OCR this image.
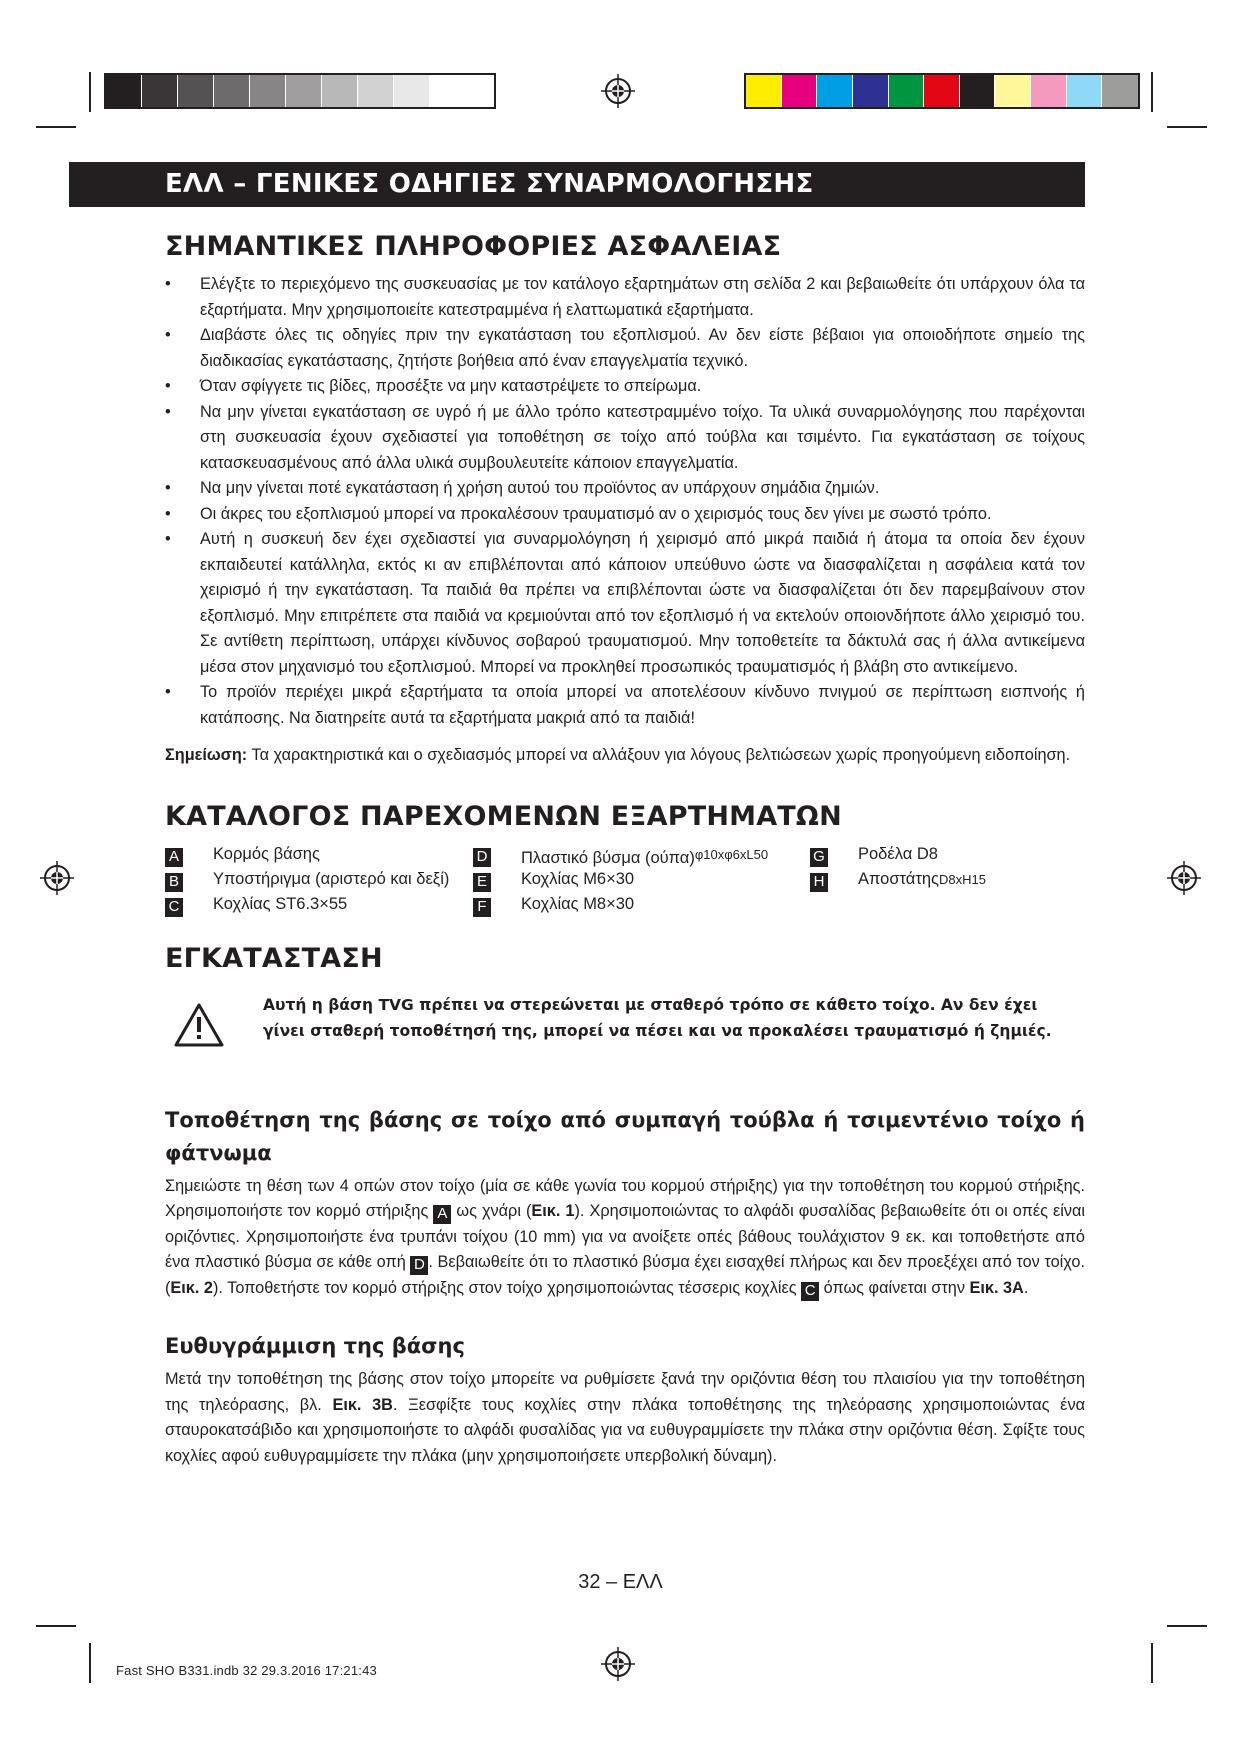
ΕΛΛ – ΓΕΝΙΚΕΣ ΟΔΗΓΙΕΣ ΣΥΝΑΡΜΟΛΟΓΗΣΗΣ
ΣΗΜΑΝΤΙΚΕΣ ΠΛΗΡΟΦΟΡΙΕΣ ΑΣΦΑΛΕΙΑΣ
• Ελέγξτε το περιεχόμενο της συσκευασίας με τον κατάλογο εξαρτημάτων στη σελίδα 2 και βεβαιωθείτε ότι υπάρχουν όλα τα εξαρτήματα. Μην χρησιμοποιείτε κατεστραμμένα ή ελαττωματικά εξαρτήματα.
• Διαβάστε όλες τις οδηγίες πριν την εγκατάσταση του εξοπλισμού. Αν δεν είστε βέβαιοι για οποιοδήποτε σημείο της διαδικασίας εγκατάστασης, ζητήστε βοήθεια από έναν επαγγελματία τεχνικό.
• Όταν σφίγγετε τις βίδες, προσέξτε να μην καταστρέψετε το σπείρωμα.
• Να μην γίνεται εγκατάσταση σε υγρό ή με άλλο τρόπο κατεστραμμένο τοίχο. Τα υλικά συναρμολόγησης που παρέχονται στη συσκευασία έχουν σχεδιαστεί για τοποθέτηση σε τοίχο από τούβλα και τσιμέντο. Για εγκατάσταση σε τοίχους κατασκευασμένους από άλλα υλικά συμβουλευτείτε κάποιον επαγγελματία.
• Να μην γίνεται ποτέ εγκατάσταση ή χρήση αυτού του προϊόντος αν υπάρχουν σημάδια ζημιών.
• Οι άκρες του εξοπλισμού μπορεί να προκαλέσουν τραυματισμό αν ο χειρισμός τους δεν γίνει με σωστό τρόπο.
• Αυτή η συσκευή δεν έχει σχεδιαστεί για συναρμολόγηση ή χειρισμό από μικρά παιδιά ή άτομα τα οποία δεν έχουν εκπαιδευτεί κατάλληλα, εκτός κι αν επιβλέπονται από κάποιον υπεύθυνο ώστε να διασφαλίζεται η ασφάλεια κατά τον χειρισμό ή την εγκατάσταση. Τα παιδιά θα πρέπει να επιβλέπονται ώστε να διασφαλίζεται ότι δεν παρεμβαίνουν στον εξοπλισμό. Μην επιτρέπετε στα παιδιά να κρεμιούνται από τον εξοπλισμό ή να εκτελούν οποιονδήποτε άλλο χειρισμό του. Σε αντίθετη περίπτωση, υπάρχει κίνδυνος σοβαρού τραυματισμού. Μην τοποθετείτε τα δάκτυλά σας ή άλλα αντικείμενα μέσα στον μηχανισμό του εξοπλισμού. Μπορεί να προκληθεί προσωπικός τραυματισμός ή βλάβη στο αντικείμενο.
• Το προϊόν περιέχει μικρά εξαρτήματα τα οποία μπορεί να αποτελέσουν κίνδυνο πνιγμού σε περίπτωση εισπνοής ή κατάποσης. Να διατηρείτε αυτά τα εξαρτήματα μακριά από τα παιδιά!
Σημείωση: Τα χαρακτηριστικά και ο σχεδιασμός μπορεί να αλλάξουν για λόγους βελτιώσεων χωρίς προηγούμενη ειδοποίηση.
ΚΑΤΑΛΟΓΟΣ ΠΑΡΕΧΟΜΕΝΩΝ ΕΞΑΡΤΗΜΑΤΩΝ
A Κορμός βάσης
B Υποστήριγμα (αριστερό και δεξί)
C Κοχλίας ST6.3×55
D Πλαστικό βύσμα $(oύ\pi\alpha)^{\varphi 10x\varphi 6xL50}$
E Κοχλίας M6×30
F Κοχλίας M8×30
G Ροδέλα D8
H ΑποστάτηςD8xH15
ΕΓΚΑΤΑΣΤΑΣΗ
Αυτή η βάση TVG πρέπει να στερεώνεται με σταθερό τρόπο σε κάθετο τοίχο. Αν δεν έχει γίνει σταθερή τοποθέτησή της, μπορεί να πέσει και να προκαλέσει τραυματισμό ή ζημιές.
Τοποθέτηση της βάσης σε τοίχο από συμπαγή τούβλα ή τσιμεντένιο τοίχο ή φάτνωμα
Σημειώστε τη θέση των 4 οπών στον τοίχο (μία σε κάθε γωνία του κορμού στήριξης) για την τοποθέτηση του κορμού στήριξης. Χρησιμοποιήστε τον κορμό στήριξης A ως χνάρι (Εικ. 1). Χρησιμοποιώντας το αλφάδι φυσαλίδας βεβαιωθείτε ότι οι οπές είναι οριζόντιες. Χρησιμοποιήστε ένα τρυπάνι τοίχου (10 mm) για να ανοίξετε οπές βάθους τουλάχιστον 9 εκ. και τοποθετήστε από ένα πλαστικό βύσμα σε κάθε οπή D . Βεβαιωθείτε ότι το πλαστικό βύσμα έχει εισαχθεί πλήρως και δεν προεξέχει από τον τοίχο. (Εικ. 2). Τοποθετήστε τον κορμό στήριξης στον τοίχο χρησιμοποιώντας τέσσερις κοχλίες C όπως φαίνεται στην Εικ. 3A.
Ευθυγράμμιση της βάσης
Μετά την τοποθέτηση της βάσης στον τοίχο μπορείτε να ρυθμίσετε ξανά την οριζόντια θέση του πλαισίου για την τοποθέτηση της τηλεόρασης, βλ. Εικ. 3B. Ξεσφίξτε τους κοχλίες στην πλάκα τοποθέτησης της τηλεόρασης χρησιμοποιώντας ένα σταυροκατσάβιδο και χρησιμοποιήστε το αλφάδι φυσαλίδας για να ευθυγραμμίσετε την πλάκα στην οριζόντια θέση. Σφίξτε τους κοχλίες αφού ευθυγραμμίσετε την πλάκα (μην χρησιμοποιήσετε υπερβολική δύναμη).
32 – ΕΛΛ
Fast SHO B331.indb 32 29.3.2016 17:21:43
